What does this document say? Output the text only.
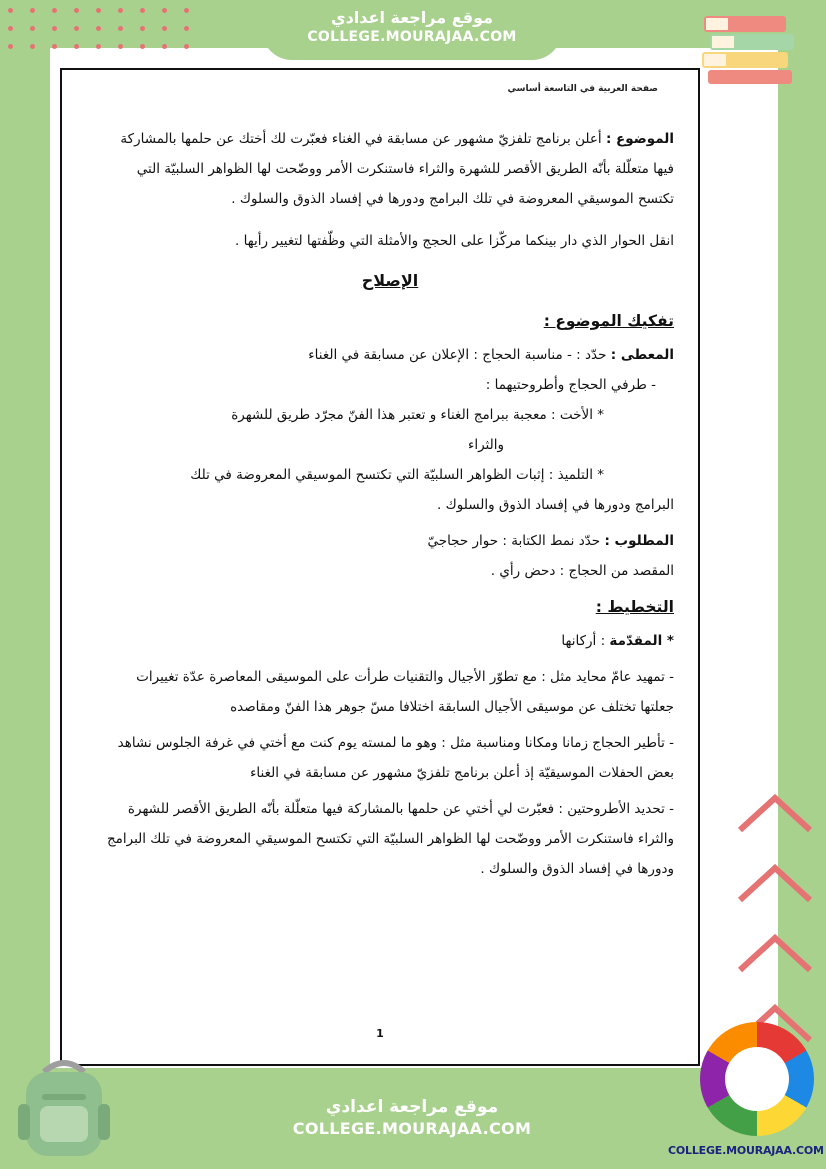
موقع مراجعة اعدادي
COLLEGE.MOURAJAA.COM
صفحة العربية في التاسعة أساسي

الموضوع : أعلن برنامج تلفزيّ مشهور عن مسابقة في الغناء فعبّرت لك أختك عن حلمها بالمشاركة فيها متعلّلة بأنّه الطريق الأقصر للشهرة والثراء فاستنكرت الأمر ووضّحت لها الظواهر السلبيّة التي تكتسح الموسيقي المعروضة في تلك البرامج ودورها في إفساد الذوق والسلوك .

انقل الحوار الذي دار بينكما مركّزا على الحجج والأمثلة التي وظّفتها لتغيير رأيها .

الإصلاح

تفكيك الموضوع :

المعطى : حدّد : - مناسبة الحجاج : الإعلان عن مسابقة في الغناء

- طرفي الحجاج وأطروحتيهما :

* الأخت : معجبة ببرامج الغناء و تعتبر هذا الفنّ مجرّد طريق للشهرة

والثراء

* التلميذ : إثبات الظواهر السلبيّة التي تكتسح الموسيقي المعروضة في تلك

البرامج ودورها في إفساد الذوق والسلوك .

المطلوب : حدّد نمط الكتابة : حوار حجاجيّ

المقصد من الحجاج : دحض رأي .

التخطيط :

* المقدّمة : أركانها

- تمهيد عامّ محايد مثل : مع تطوّر الأجيال والتقنيات طرأت على الموسيقى المعاصرة عدّة تغييرات جعلتها تختلف عن موسيقى الأجيال السابقة اختلافا مسّ جوهر هذا الفنّ ومقاصده

- تأطير الحجاج زمانا ومكانا ومناسبة مثل : وهو ما لمسته يوم كنت مع أختي في غرفة الجلوس نشاهد بعض الحفلات الموسيقيّة إذ أعلن برنامج تلفزيّ مشهور عن مسابقة في الغناء

- تحديد الأطروحتين : فعبّرت لي أختي عن حلمها بالمشاركة فيها متعلّلة بأنّه الطريق الأقصر للشهرة والثراء فاستنكرت الأمر ووضّحت لها الظواهر السلبيّة التي تكتسح الموسيقي المعروضة في تلك البرامج ودورها في إفساد الذوق والسلوك .

1
موقع مراجعة اعدادي
COLLEGE.MOURAJAA.COM
COLLEGE.MOURAJAA.COM
